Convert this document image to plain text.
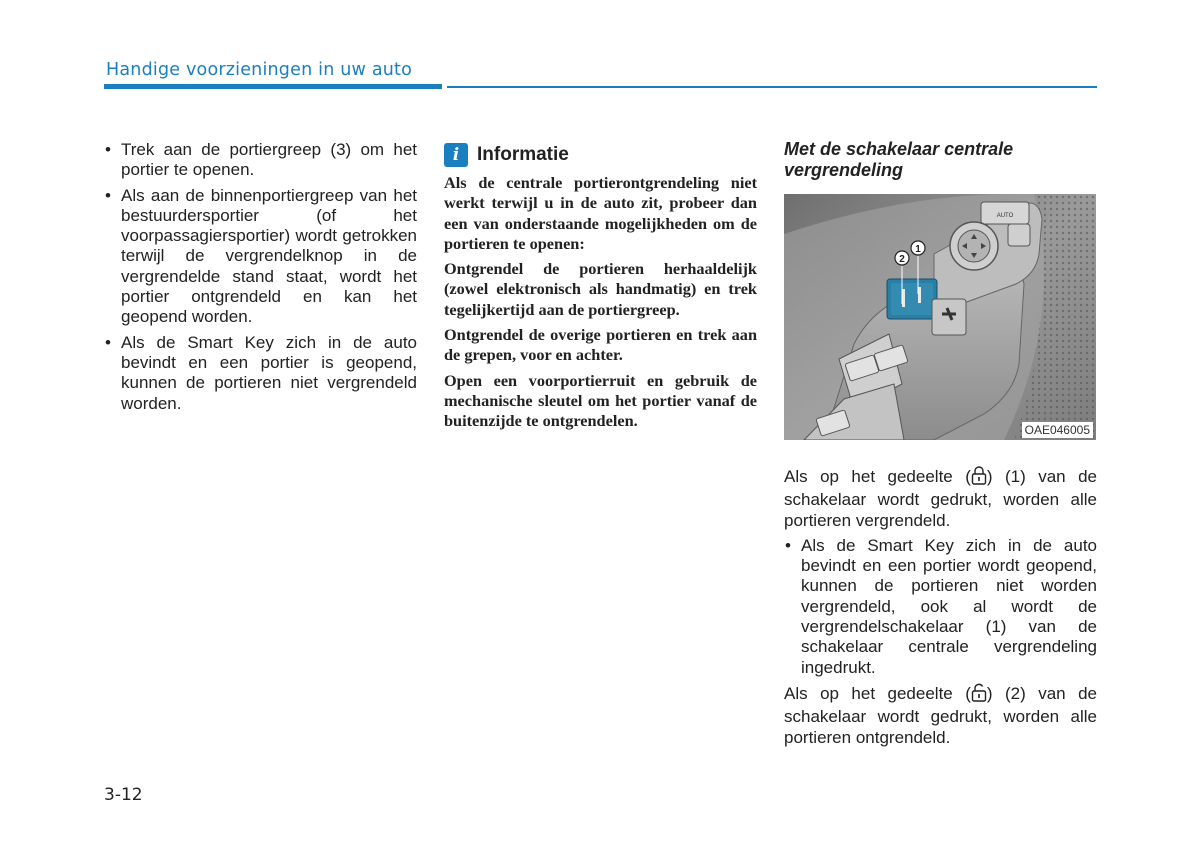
Handige voorzieningen in uw auto
• Trek aan de portiergreep (3) om het portier te openen.
• Als aan de binnenportiergreep van het bestuurdersportier (of het voorpassagiersportier) wordt getrokken terwijl de vergrendelknop in de vergrendelde stand staat, wordt het portier ontgrendeld en kan het geopend worden.
• Als de Smart Key zich in de auto bevindt en een portier is geopend, kunnen de portieren niet vergrendeld worden.
i Informatie

Als de centrale portierontgrendeling niet werkt terwijl u in de auto zit, probeer dan een van onderstaande mogelijkheden om de portieren te openen:

Ontgrendel de portieren herhaaldelijk (zowel elektronisch als handmatig) en trek tegelijkertijd aan de portiergreep.

Ontgrendel de overige portieren en trek aan de grepen, voor en achter.

Open een voorportierruit en gebruik de mechanische sleutel om het portier vanaf de buitenzijde te ontgrendelen.

Met de schakelaar centrale vergrendeling
AUTO
2
1
OAE046005

Als op het gedeelte ( ) (1) van de schakelaar wordt gedrukt, worden alle portieren vergrendeld.

• Als de Smart Key zich in de auto bevindt en een portier wordt geopend, kunnen de portieren niet worden vergrendeld, ook al wordt de vergrendelschakelaar (1) van de schakelaar centrale vergrendeling ingedrukt.

Als op het gedeelte ( ) (2) van de schakelaar wordt gedrukt, worden alle portieren ontgrendeld.

3-12
